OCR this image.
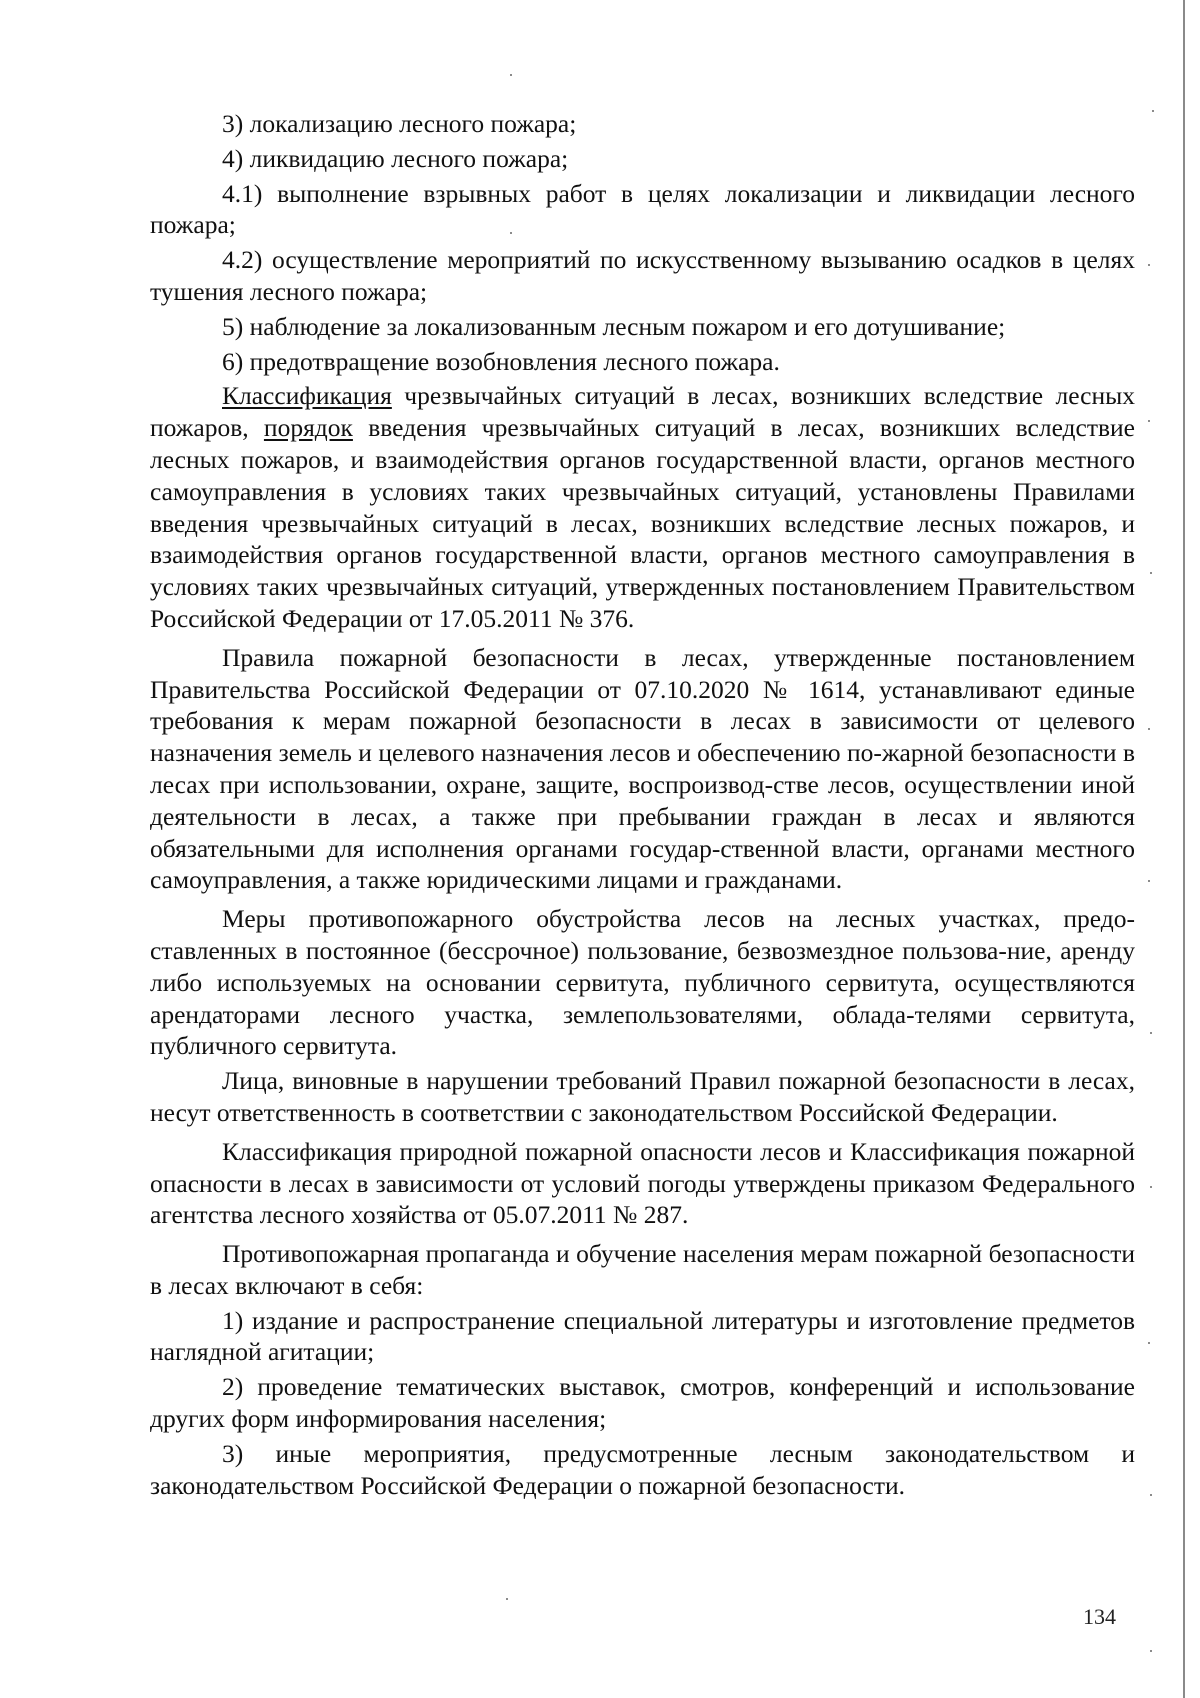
3) локализацию лесного пожара;

4) ликвидацию лесного пожара;

4.1) выполнение взрывных работ в целях локализации и ликвидации лесного пожара;

4.2) осуществление мероприятий по искусственному вызыванию осадков в целях тушения лесного пожара;

5) наблюдение за локализованным лесным пожаром и его дотушивание;

6) предотвращение возобновления лесного пожара.

Классификация чрезвычайных ситуаций в лесах, возникших вследствие лесных пожаров, порядок введения чрезвычайных ситуаций в лесах, возникших вследствие лесных пожаров, и взаимодействия органов государственной власти, органов местного самоуправления в условиях таких чрезвычайных ситуаций, установлены Правилами введения чрезвычайных ситуаций в лесах, возникших вследствие лесных пожаров, и взаимодействия органов государственной власти, органов местного самоуправления в условиях таких чрезвычайных ситуаций, утвержденных постановлением Правительством Российской Федерации от 17.05.2011 № 376.

Правила пожарной безопасности в лесах, утвержденные постановлением Правительства Российской Федерации от 07.10.2020 № 1614, устанавливают единые требования к мерам пожарной безопасности в лесах в зависимости от целевого назначения земель и целевого назначения лесов и обеспечению по-жарной безопасности в лесах при использовании, охране, защите, воспроизвод-стве лесов, осуществлении иной деятельности в лесах, а также при пребывании граждан в лесах и являются обязательными для исполнения органами государ-ственной власти, органами местного самоуправления, а также юридическими лицами и гражданами.

Меры противопожарного обустройства лесов на лесных участках, предо-ставленных в постоянное (бессрочное) пользование, безвозмездное пользова-ние, аренду либо используемых на основании сервитута, публичного сервитута, осуществляются арендаторами лесного участка, землепользователями, облада-телями сервитута, публичного сервитута.

Лица, виновные в нарушении требований Правил пожарной безопасности в лесах, несут ответственность в соответствии с законодательством Российской Федерации.

Классификация природной пожарной опасности лесов и Классификация пожарной опасности в лесах в зависимости от условий погоды утверждены приказом Федерального агентства лесного хозяйства от 05.07.2011 № 287.

Противопожарная пропаганда и обучение населения мерам пожарной безопасности в лесах включают в себя:

1) издание и распространение специальной литературы и изготовление предметов наглядной агитации;

2) проведение тематических выставок, смотров, конференций и использование других форм информирования населения;

3) иные мероприятия, предусмотренные лесным законодательством и законодательством Российской Федерации о пожарной безопасности.

134
